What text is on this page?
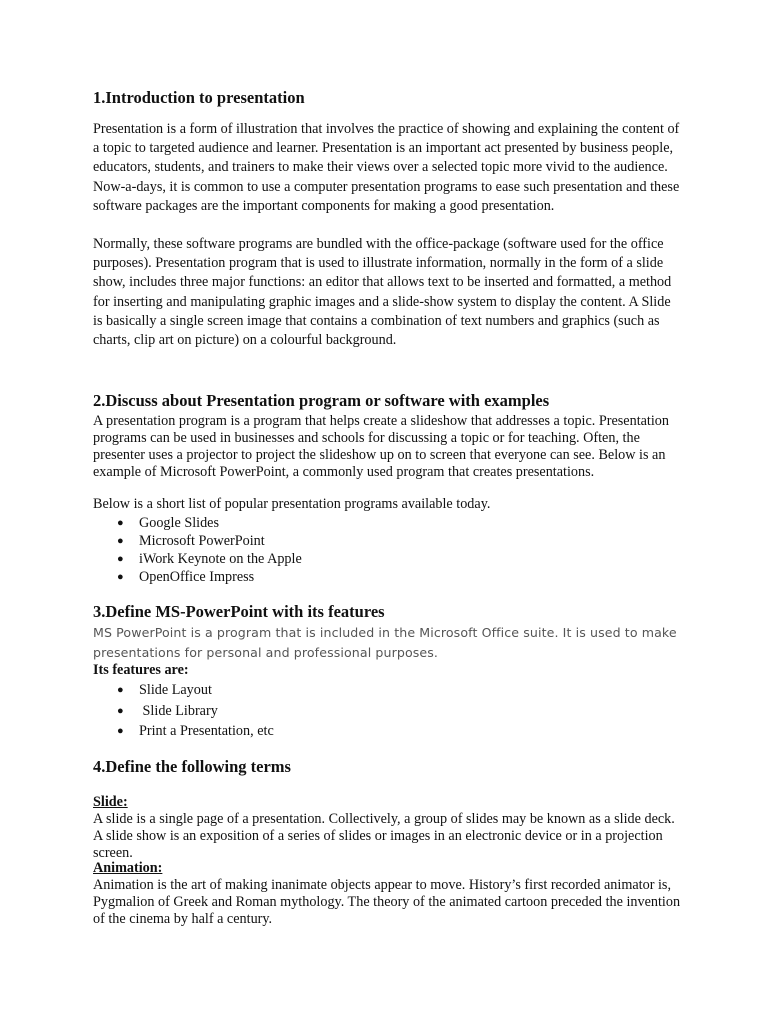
1.Introduction to presentation

Presentation is a form of illustration that involves the practice of showing and explaining the content of a topic to targeted audience and learner. Presentation is an important act presented by business people, educators, students, and trainers to make their views over a selected topic more vivid to the audience. Now-a-days, it is common to use a computer presentation programs to ease such presentation and these software packages are the important components for making a good presentation.

Normally, these software programs are bundled with the office-package (software used for the office purposes). Presentation program that is used to illustrate information, normally in the form of a slide show, includes three major functions: an editor that allows text to be inserted and formatted, a method for inserting and manipulating graphic images and a slide-show system to display the content. A Slide is basically a single screen image that contains a combination of text numbers and graphics (such as charts, clip art on picture) on a colourful background.

2.Discuss about Presentation program or software with examples

A presentation program is a program that helps create a slideshow that addresses a topic. Presentation programs can be used in businesses and schools for discussing a topic or for teaching. Often, the presenter uses a projector to project the slideshow up on to screen that everyone can see. Below is an example of Microsoft PowerPoint, a commonly used program that creates presentations.

Below is a short list of popular presentation programs available today.

● Google Slides
● Microsoft PowerPoint
● iWork Keynote on the Apple
● OpenOffice Impress
3.Define MS-PowerPoint with its features

MS PowerPoint is a program that is included in the Microsoft Office suite. It is used to make presentations for personal and professional purposes.

Its features are:

● Slide Layout
● Slide Library
● Print a Presentation, etc
4.Define the following terms

Slide:
A slide is a single page of a presentation. Collectively, a group of slides may be known as a slide deck. A slide show is an exposition of a series of slides or images in an electronic device or in a projection screen.

Animation:
Animation is the art of making inanimate objects appear to move. History’s first recorded animator is, Pygmalion of Greek and Roman mythology. The theory of the animated cartoon preceded the invention of the cinema by half a century.
